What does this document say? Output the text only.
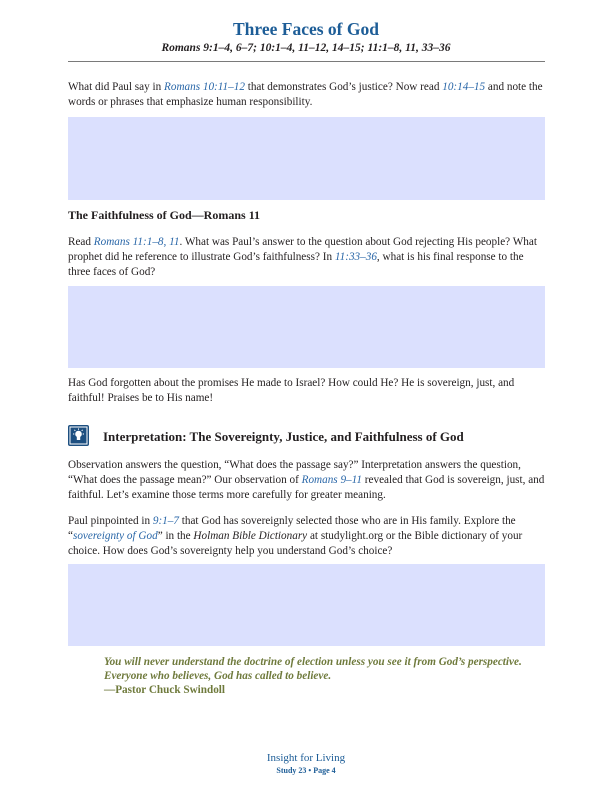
Three Faces of God
Romans 9:1–4, 6–7; 10:1–4, 11–12, 14–15; 11:1–8, 11, 33–36
What did Paul say in Romans 10:11–12 that demonstrates God’s justice? Now read 10:14–15 and note the words or phrases that emphasize human responsibility.
The Faithfulness of God—Romans 11
Read Romans 11:1–8, 11. What was Paul’s answer to the question about God rejecting His people? What prophet did he reference to illustrate God’s faithfulness? In 11:33–36, what is his final response to the three faces of God?
Has God forgotten about the promises He made to Israel? How could He? He is sovereign, just, and faithful! Praises be to His name!
Interpretation: The Sovereignty, Justice, and Faithfulness of God
Observation answers the question, “What does the passage say?” Interpretation answers the question, “What does the passage mean?” Our observation of Romans 9–11 revealed that God is sovereign, just, and faithful. Let’s examine those terms more carefully for greater meaning.
Paul pinpointed in 9:1–7 that God has sovereignly selected those who are in His family. Explore the “sovereignty of God” in the Holman Bible Dictionary at studylight.org or the Bible dictionary of your choice. How does God’s sovereignty help you understand God’s choice?
You will never understand the doctrine of election unless you see it from God’s perspective. Everyone who believes, God has called to believe.
—Pastor Chuck Swindoll
Insight for Living
Study 23 • Page 4
